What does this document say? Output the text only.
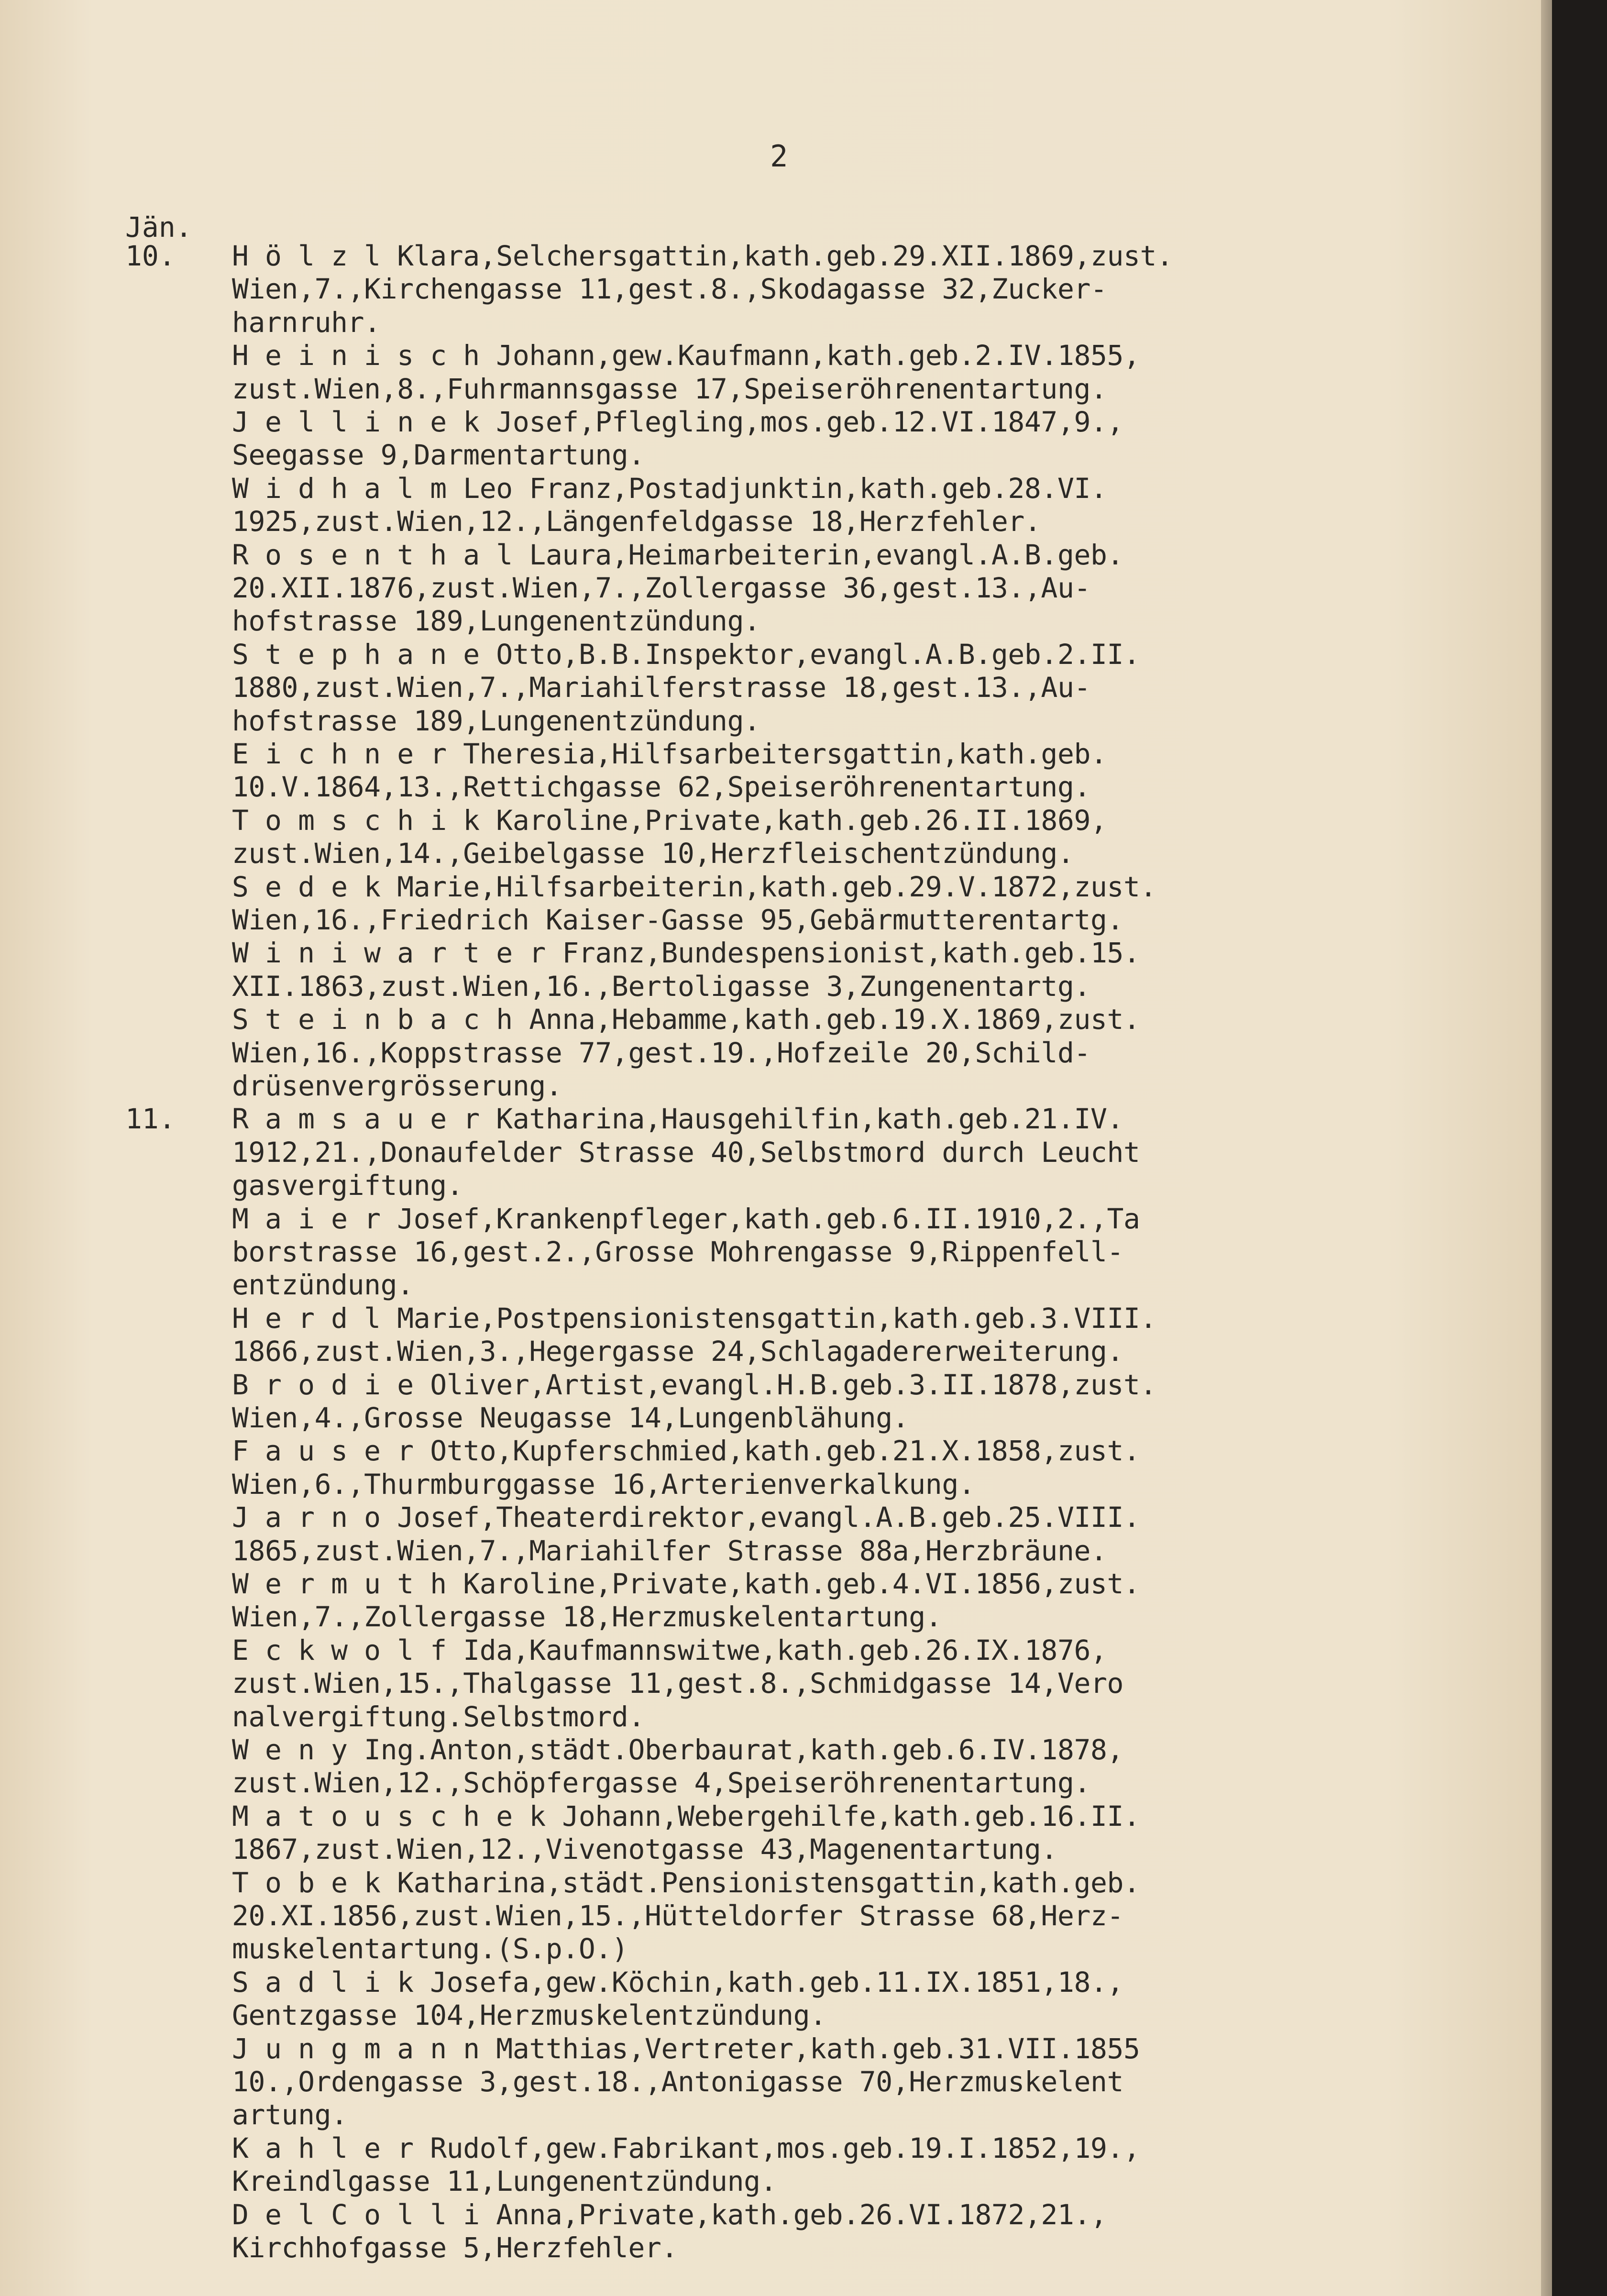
2
Jän.
H ö l z l Klara,Selchersgattin,kath.geb.29.XII.1869,zust.
Wien,7.,Kirchengasse 11,gest.8.,Skodagasse 32,Zucker-
harnruhr.
H e i n i s c h Johann,gew.Kaufmann,kath.geb.2.IV.1855,
zust.Wien,8.,Fuhrmannsgasse 17,Speiseröhrenentartung.
J e l l i n e k Josef,Pflegling,mos.geb.12.VI.1847,9.,
Seegasse 9,Darmentartung.
W i d h a l m Leo Franz,Postadjunktin,kath.geb.28.VI.
1925,zust.Wien,12.,Längenfeldgasse 18,Herzfehler.
R o s e n t h a l Laura,Heimarbeiterin,evangl.A.B.geb.
20.XII.1876,zust.Wien,7.,Zollergasse 36,gest.13.,Au-
hofstrasse 189,Lungenentzündung.
S t e p h a n e Otto,B.B.Inspektor,evangl.A.B.geb.2.II.
1880,zust.Wien,7.,Mariahilferstrasse 18,gest.13.,Au-
hofstrasse 189,Lungenentzündung.
E i c h n e r Theresia,Hilfsarbeitersgattin,kath.geb.
10.V.1864,13.,Rettichgasse 62,Speiseröhrenentartung.
T o m s c h i k Karoline,Private,kath.geb.26.II.1869,
zust.Wien,14.,Geibelgasse 10,Herzfleischentzündung.
S e d e k Marie,Hilfsarbeiterin,kath.geb.29.V.1872,zust.
Wien,16.,Friedrich Kaiser-Gasse 95,Gebärmutterentartg.
W i n i w a r t e r Franz,Bundespensionist,kath.geb.15.
XII.1863,zust.Wien,16.,Bertoligasse 3,Zungenentartg.
S t e i n b a c h Anna,Hebamme,kath.geb.19.X.1869,zust.
Wien,16.,Koppstrasse 77,gest.19.,Hofzeile 20,Schild-
drüsenvergrösserung.
R a m s a u e r Katharina,Hausgehilfin,kath.geb.21.IV.
1912,21.,Donaufelder Strasse 40,Selbstmord durch Leucht
gasvergiftung.
M a i e r Josef,Krankenpfleger,kath.geb.6.II.1910,2.,Ta
borstrasse 16,gest.2.,Grosse Mohrengasse 9,Rippenfell-
entzündung.
H e r d l Marie,Postpensionistensgattin,kath.geb.3.VIII.
1866,zust.Wien,3.,Hegergasse 24,Schlagadererweiterung.
B r o d i e Oliver,Artist,evangl.H.B.geb.3.II.1878,zust.
Wien,4.,Grosse Neugasse 14,Lungenblähung.
F a u s e r Otto,Kupferschmied,kath.geb.21.X.1858,zust.
Wien,6.,Thurmburggasse 16,Arterienverkalkung.
J a r n o Josef,Theaterdirektor,evangl.A.B.geb.25.VIII.
1865,zust.Wien,7.,Mariahilfer Strasse 88a,Herzbräune.
W e r m u t h Karoline,Private,kath.geb.4.VI.1856,zust.
Wien,7.,Zollergasse 18,Herzmuskelentartung.
E c k w o l f Ida,Kaufmannswitwe,kath.geb.26.IX.1876,
zust.Wien,15.,Thalgasse 11,gest.8.,Schmidgasse 14,Vero
nalvergiftung.Selbstmord.
W e n y Ing.Anton,städt.Oberbaurat,kath.geb.6.IV.1878,
zust.Wien,12.,Schöpfergasse 4,Speiseröhrenentartung.
M a t o u s c h e k Johann,Webergehilfe,kath.geb.16.II.
1867,zust.Wien,12.,Vivenotgasse 43,Magenentartung.
T o b e k Katharina,städt.Pensionistensgattin,kath.geb.
20.XI.1856,zust.Wien,15.,Hütteldorfer Strasse 68,Herz-
muskelentartung.(S.p.O.)
S a d l i k Josefa,gew.Köchin,kath.geb.11.IX.1851,18.,
Gentzgasse 104,Herzmuskelentzündung.
J u n g m a n n Matthias,Vertreter,kath.geb.31.VII.1855
10.,Ordengasse 3,gest.18.,Antonigasse 70,Herzmuskelent
artung.
K a h l e r Rudolf,gew.Fabrikant,mos.geb.19.I.1852,19.,
Kreindlgasse 11,Lungenentzündung.
D e l C o l l i Anna,Private,kath.geb.26.VI.1872,21.,
Kirchhofgasse 5,Herzfehler.
10.
11.
